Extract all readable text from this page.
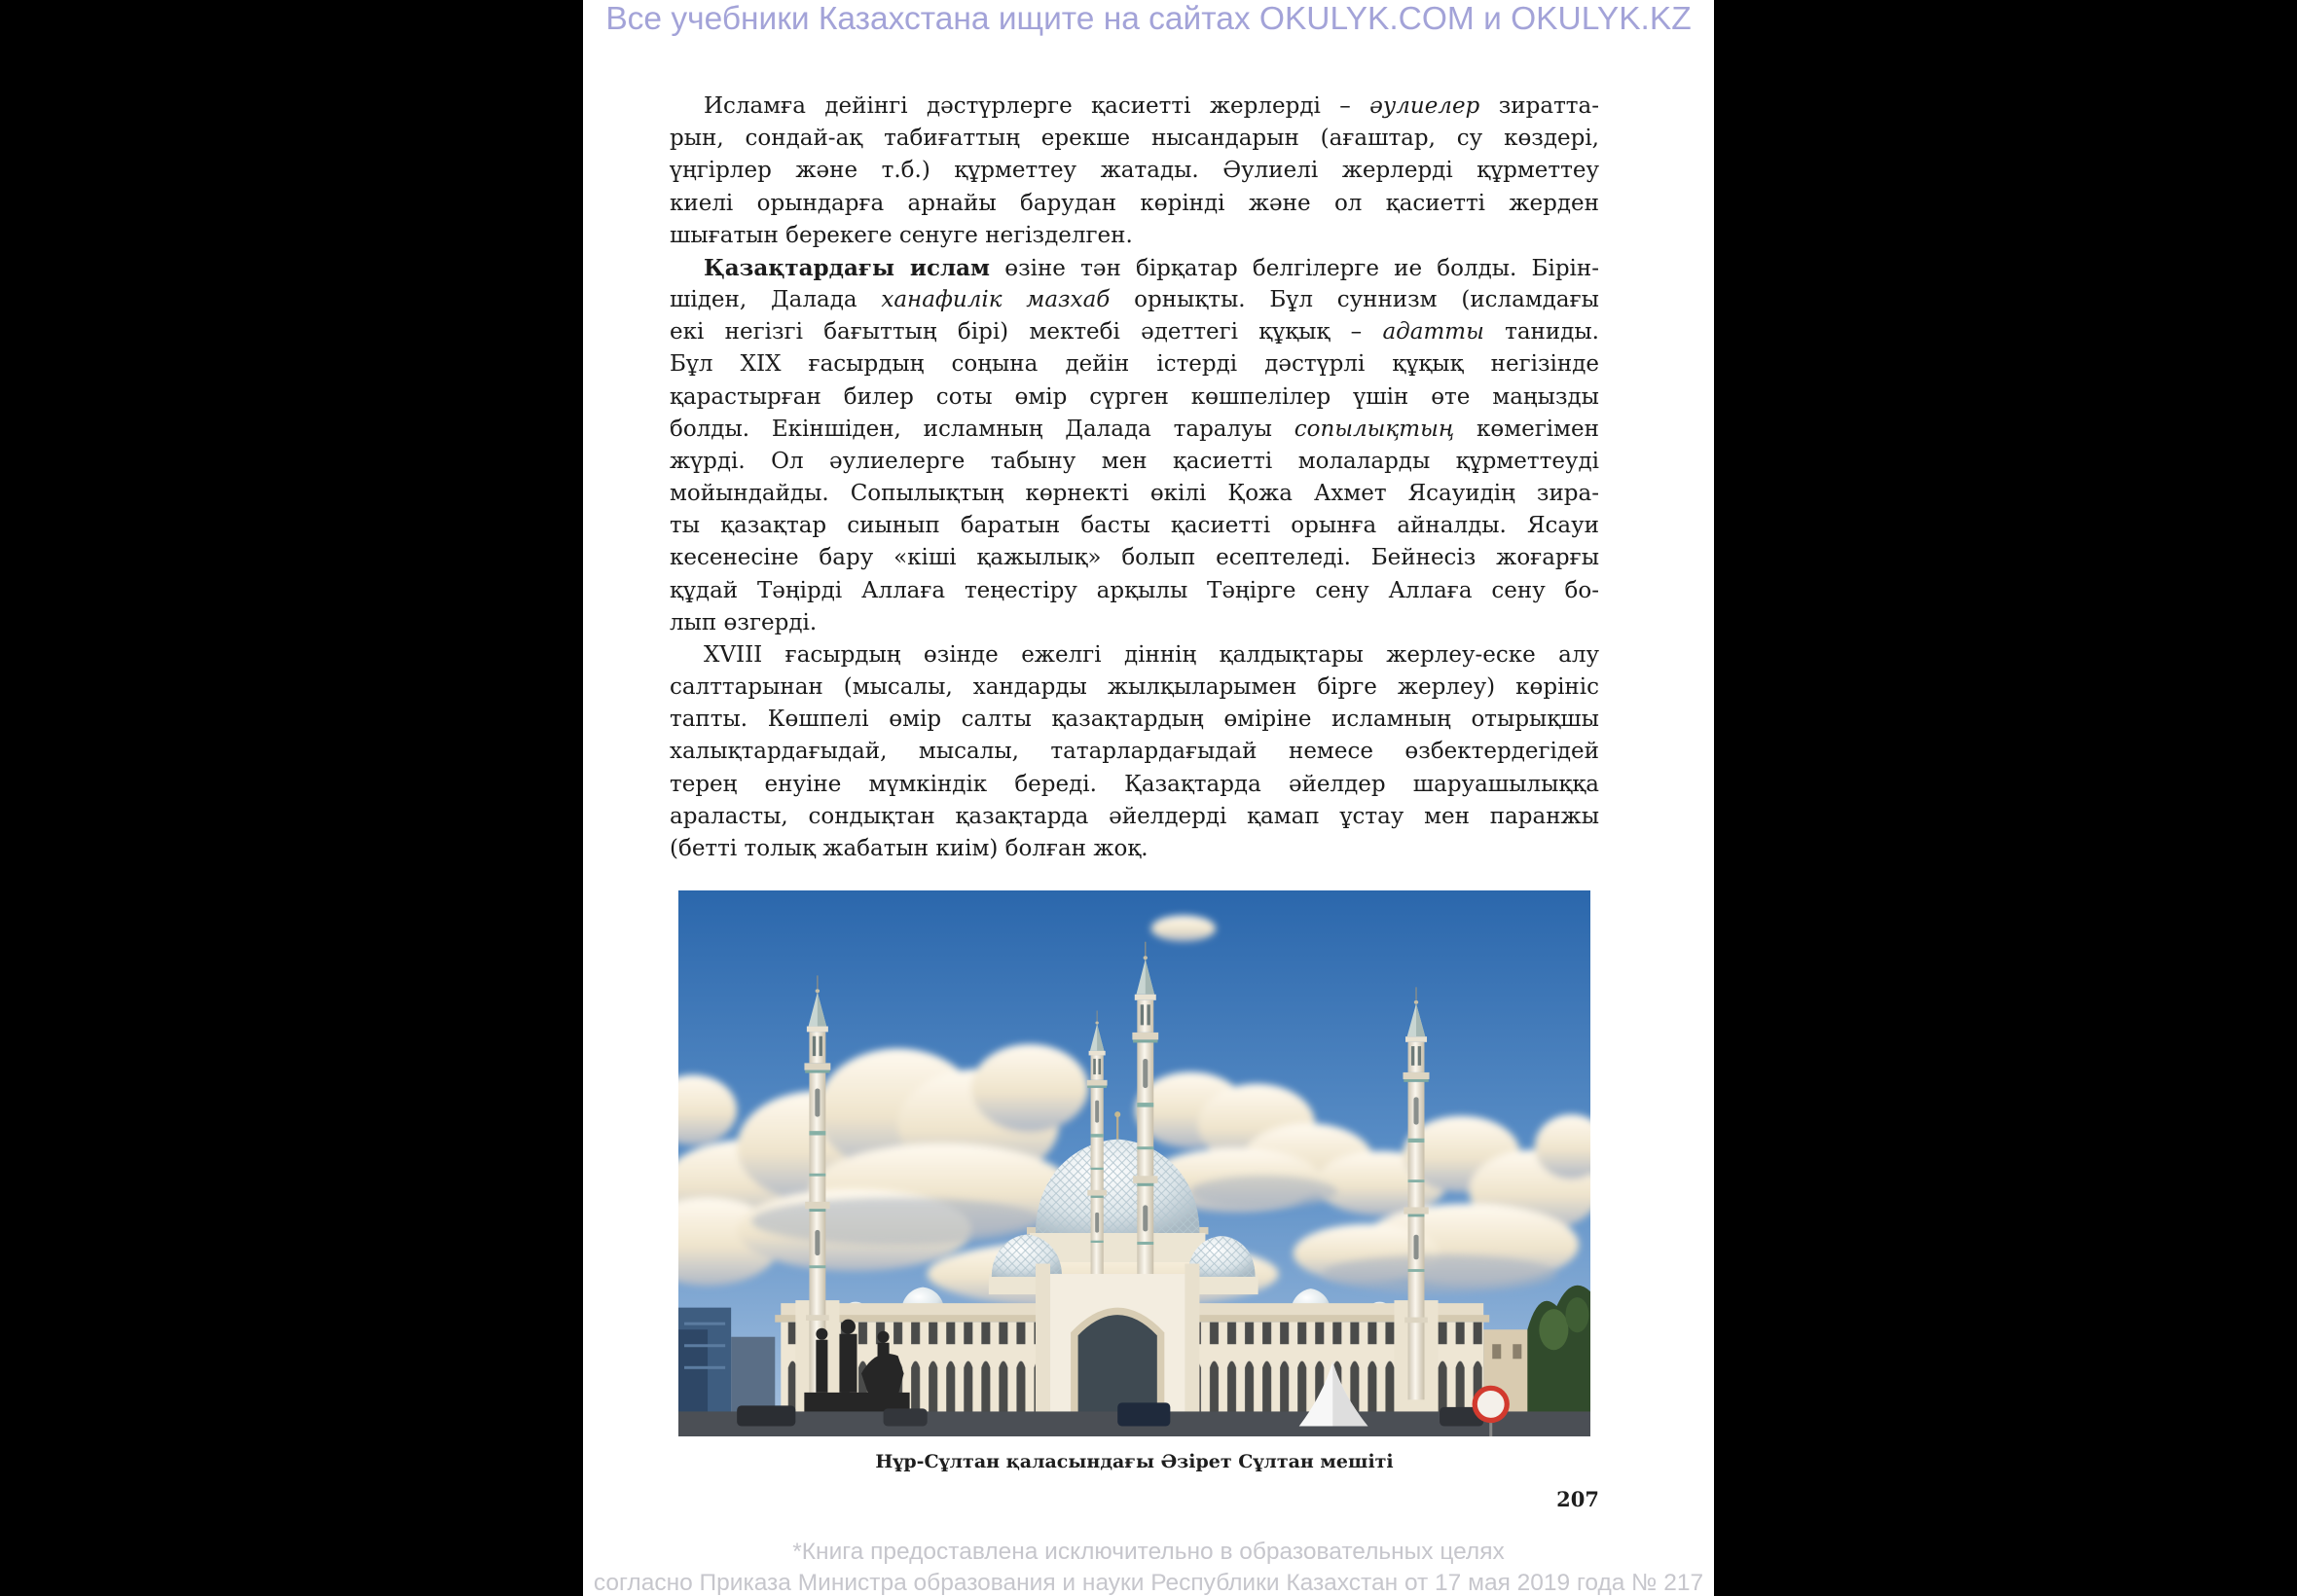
Все учебники Казахстана ищите на сайтах OKULYK.COM и OKULYK.KZ

Исламға дейінгі дәстүрлерге қасиетті жерлерді – әулиелер зиратта-
рын, сондай-ақ табиғаттың ерекше нысандарын (ағаштар, су көздері,
үңгірлер және т.б.) құрметтеу жатады. Әулиелі жерлерді құрметтеу
киелі орындарға арнайы барудан көрінді және ол қасиетті жерден
шығатын берекеге сенуге негізделген.

Қазақтардағы ислам өзіне тән бірқатар белгілерге ие болды. Бірін-
шіден, Далада ханафилік мазхаб орнықты. Бұл суннизм (исламдағы
екі негізгі бағыттың бірі) мектебі әдеттегі құқық – адатты таниды.
Бұл XIX ғасырдың соңына дейін істерді дәстүрлі құқық негізінде
қарастырған билер соты өмір сүрген көшпелілер үшін өте маңызды
болды. Екіншіден, исламның Далада таралуы сопылықтың көмегімен
жүрді. Ол әулиелерге табыну мен қасиетті молаларды құрметтеуді
мойындайды. Сопылықтың көрнекті өкілі Қожа Ахмет Ясауидің зира-
ты қазақтар сиынып баратын басты қасиетті орынға айналды. Ясауи
кесенесіне бару «кіші қажылық» болып есептеледі. Бейнесіз жоғарғы
құдай Тәңірді Аллаға теңестіру арқылы Тәңірге сену Аллаға сену бо-
лып өзгерді.

XVIII ғасырдың өзінде ежелгі діннің қалдықтары жерлеу-еске алу
салттарынан (мысалы, хандарды жылқыларымен бірге жерлеу) көрініс
тапты. Көшпелі өмір салты қазақтардың өміріне исламның отырықшы
халықтардағыдай, мысалы, татарлардағыдай немесе өзбектердегідей
терең енуіне мүмкіндік береді. Қазақтарда әйелдер шаруашылыққа
араласты, сондықтан қазақтарда әйелдерді қамап ұстау мен паранжы
(бетті толық жабатын киім) болған жоқ.

Нұр-Сұлтан қаласындағы Әзірет Сұлтан мешіті
207
*Книга предоставлена исключительно в образовательных целях
согласно Приказа Министра образования и науки Республики Казахстан от 17 мая 2019 года № 217
